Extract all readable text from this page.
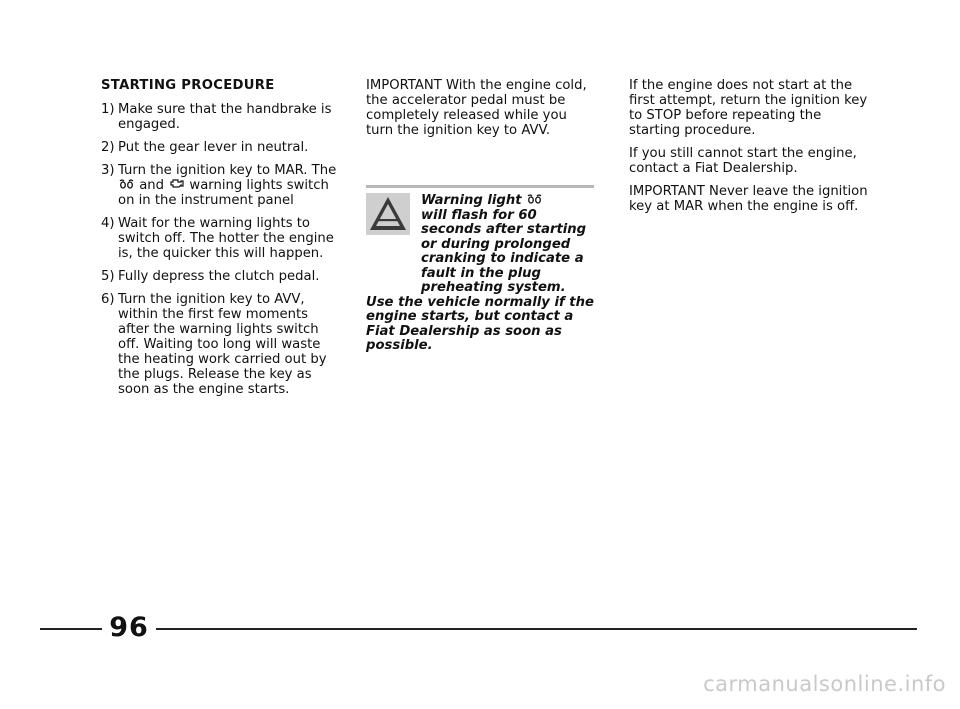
STARTING PROCEDURE
1) Make sure that the handbrake is engaged.
2) Put the gear lever in neutral.
3) Turn the ignition key to MAR. The  and warning lights switch on in the instrument panel
4) Wait for the warning lights to switch off. The hotter the engine is, the quicker this will happen.
5) Fully depress the clutch pedal.
6) Turn the ignition key to AVV, within the first few moments after the warning lights switch off. Waiting too long will waste the heating work carried out by the plugs. Release the key as soon as the engine starts.

IMPORTANT With the engine cold, the accelerator pedal must be completely released while you turn the ignition key to AVV.

Warning light
will flash for 60 seconds after starting or during prolonged cranking to indicate a fault in the plug preheating system.
Use the vehicle normally if the engine starts, but contact a Fiat Dealership as soon as possible.

If the engine does not start at the first attempt, return the ignition key to STOP before repeating the starting procedure.

If you still cannot start the engine, contact a Fiat Dealership.

IMPORTANT Never leave the ignition key at MAR when the engine is off.

96
carmanualsonline.info
